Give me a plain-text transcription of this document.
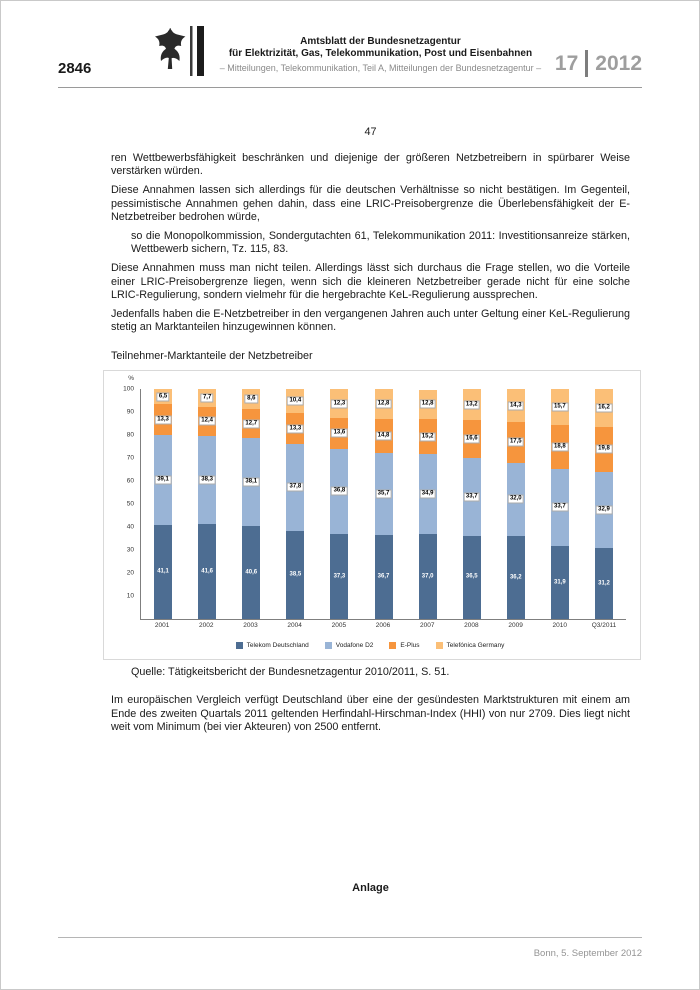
2846
Amtsblatt der Bundesnetzagentur
für Elektrizität, Gas, Telekommunikation, Post und Eisenbahnen
– Mitteilungen, Telekommunikation, Teil A, Mitteilungen der Bundesnetzagentur – 17 2012
47

ren Wettbewerbsfähigkeit beschränken und diejenige der größeren Netzbetreibern in spürbarer Weise verstärken würden.

Diese Annahmen lassen sich allerdings für die deutschen Verhältnisse so nicht bestätigen. Im Gegenteil, pessimistische Annahmen gehen dahin, dass eine LRIC-Preisobergrenze die Überlebensfähigkeit der E-Netzbetreiber bedrohen würde,

so die Monopolkommission, Sondergutachten 61, Telekommunikation 2011: Investitionsanreize stärken, Wettbewerb sichern, Tz. 115, 83.

Diese Annahmen muss man nicht teilen. Allerdings lässt sich durchaus die Frage stellen, wo die Vorteile einer LRIC-Preisobergrenze liegen, wenn sich die kleineren Netzbetreiber gerade nicht für eine solche LRIC-Regulierung, sondern vielmehr für die hergebrachte KeL-Regulierung aussprechen.

Jedenfalls haben die E-Netzbetreiber in den vergangenen Jahren auch unter Geltung einer KeL-Regulierung stetig an Marktanteilen hinzugewinnen können.

Teilnehmer-Marktanteile der Netzbetreiber
%
10
20
30
40
50
60
70
80
90
100
41,1
39,1
13,3
6,5
41,6
38,3
12,4
7,7
40,6
38,1
12,7
8,6
38,5
37,8
13,3
10,4
37,3
36,8
13,6
12,3
36,7
35,7
14,8
12,8
37,0
34,9
15,2
12,8
36,5
33,7
16,6
13,2
36,2
32,0
17,5
14,3
31,9
33,7
18,8
15,7
31,2
32,9
19,8
16,2
2001	2002	2003	2004	2005	2006	2007	2008	2009	2010	Q3/2011
Telekom Deutschland	Vodafone D2	E-Plus	Telefónica Germany
Quelle: Tätigkeitsbericht der Bundesnetzagentur 2010/2011, S. 51.

Im europäischen Vergleich verfügt Deutschland über eine der gesündesten Marktstrukturen mit einem am Ende des zweiten Quartals 2011 geltenden Herfindahl-Hirschman-Index (HHI) von nur 2709. Dies liegt nicht weit vom Minimum (bei vier Akteuren) von 2500 entfernt.

Anlage
Bonn, 5. September 2012
